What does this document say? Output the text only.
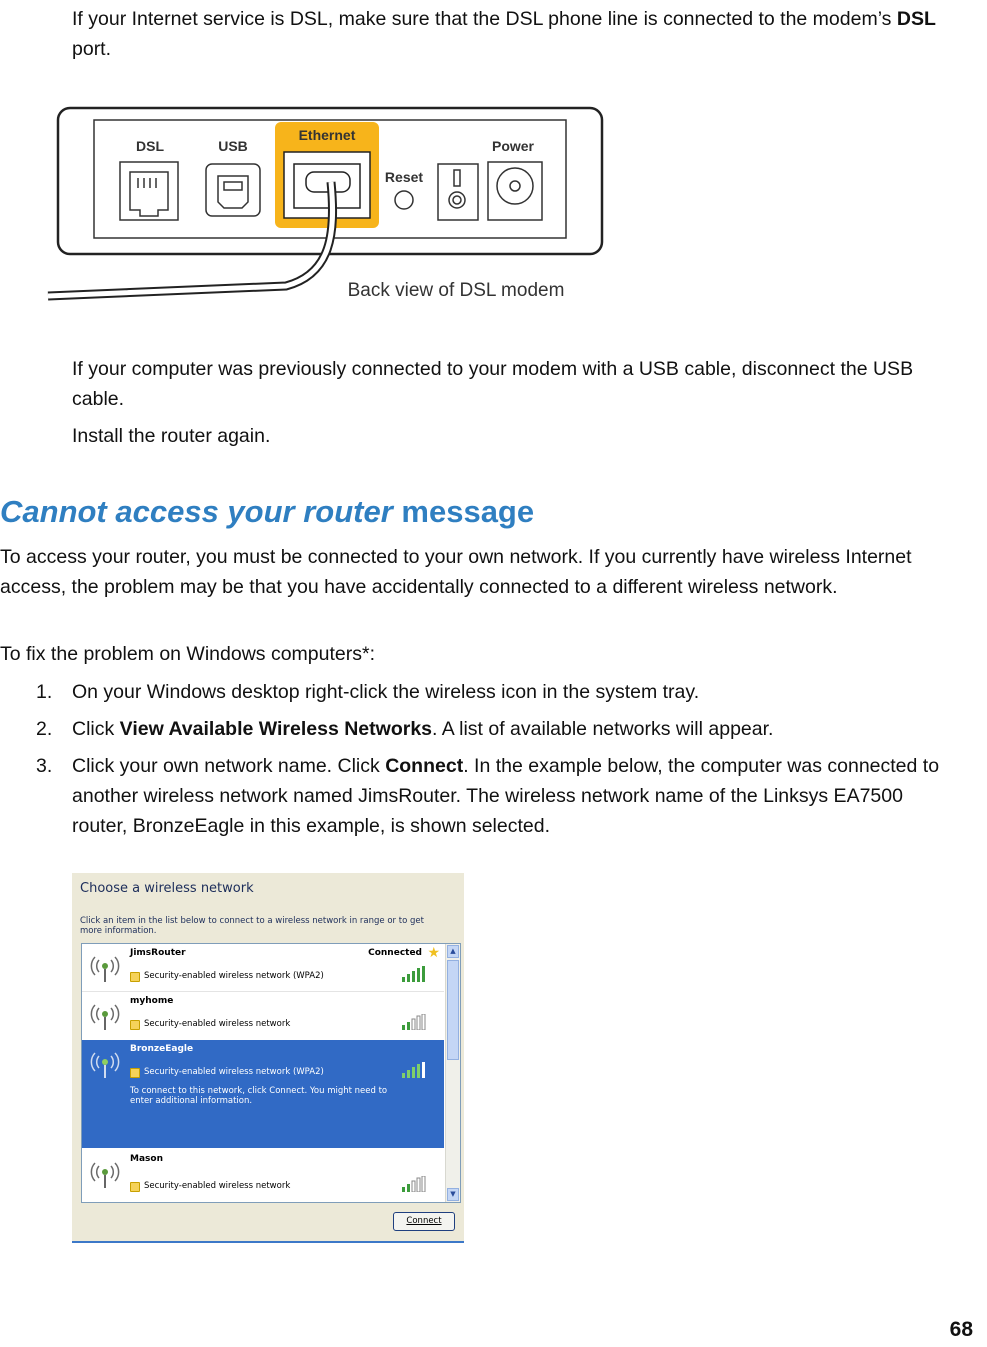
If your Internet service is DSL, make sure that the DSL phone line is connected to the modem’s DSL port.

DSL	USB
Ethernet
Reset
Power
Back view of DSL modem

If your computer was previously connected to your modem with a USB cable, disconnect the USB cable.

Install the router again.

Cannot access your router message

To access your router, you must be connected to your own network. If you currently have wireless Internet access, the problem may be that you have accidentally connected to a different wireless network.

To fix the problem on Windows computers*:

1. On your Windows desktop right-click the wireless icon in the system tray.
2. Click View Available Wireless Networks. A list of available networks will appear.
3. Click your own network name. Click Connect. In the example below, the computer was connected to another wireless network named JimsRouter. The wireless network name of the Linksys EA7500 router, BronzeEagle in this example, is shown selected.
Choose a wireless network
Click an item in the list below to connect to a wireless network in range or to get more information.
JimsRouter	Connected ★
Security-enabled wireless network (WPA2)
myhome
Security-enabled wireless network
BronzeEagle
Security-enabled wireless network (WPA2)
To connect to this network, click Connect. You might need to enter additional information.
Mason
Security-enabled wireless network
▲
▼
Connect
68
